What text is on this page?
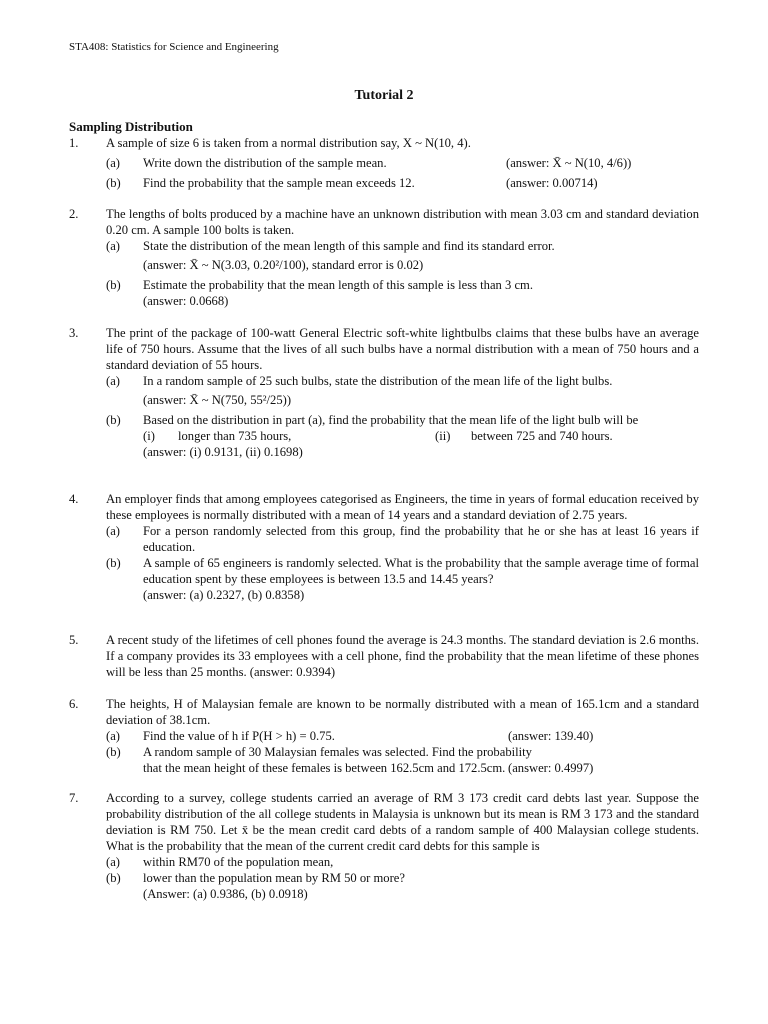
STA408: Statistics for Science and Engineering
Tutorial 2
Sampling Distribution
1. A sample of size 6 is taken from a normal distribution say, X ~ N(10, 4).
(a) Write down the distribution of the sample mean.	(answer: X̄ ~ N(10, 4/6))
(b) Find the probability that the sample mean exceeds 12.	(answer: 0.00714)
2. The lengths of bolts produced by a machine have an unknown distribution with mean 3.03 cm and standard deviation 0.20 cm. A sample 100 bolts is taken.
(a) State the distribution of the mean length of this sample and find its standard error.
(answer: X̄ ~ N(3.03, 0.20²/100), standard error is 0.02)
(b) Estimate the probability that the mean length of this sample is less than 3 cm.
(answer: 0.0668)
3. The print of the package of 100-watt General Electric soft-white lightbulbs claims that these bulbs have an average life of 750 hours. Assume that the lives of all such bulbs have a normal distribution with a mean of 750 hours and a standard deviation of 55 hours.
(a) In a random sample of 25 such bulbs, state the distribution of the mean life of the light bulbs.
(answer: X̄ ~ N(750, 55²/25))
(b) Based on the distribution in part (a), find the probability that the mean life of the light bulb will be
(i) longer than 735 hours,	(ii) between 725 and 740 hours.
(answer: (i) 0.9131, (ii) 0.1698)
4. An employer finds that among employees categorised as Engineers, the time in years of formal education received by these employees is normally distributed with a mean of 14 years and a standard deviation of 2.75 years.
(a) For a person randomly selected from this group, find the probability that he or she has at least 16 years if education.
(b) A sample of 65 engineers is randomly selected. What is the probability that the sample average time of formal education spent by these employees is between 13.5 and 14.45 years?
(answer: (a) 0.2327, (b) 0.8358)
5. A recent study of the lifetimes of cell phones found the average is 24.3 months. The standard deviation is 2.6 months. If a company provides its 33 employees with a cell phone, find the probability that the mean lifetime of these phones will be less than 25 months. (answer: 0.9394)
6. The heights, H of Malaysian female are known to be normally distributed with a mean of 165.1cm and a standard deviation of 38.1cm.
(a) Find the value of h if P(H > h) = 0.75.	(answer: 139.40)
(b) A random sample of 30 Malaysian females was selected. Find the probability that the mean height of these females is between 162.5cm and 172.5cm. (answer: 0.4997)
7. According to a survey, college students carried an average of RM 3 173 credit card debts last year. Suppose the probability distribution of the all college students in Malaysia is unknown but its mean is RM 3 173 and the standard deviation is RM 750. Let x̄ be the mean credit card debts of a random sample of 400 Malaysian college students. What is the probability that the mean of the current credit card debts for this sample is
(a) within RM70 of the population mean,
(b) lower than the population mean by RM 50 or more?
(Answer: (a) 0.9386, (b) 0.0918)
